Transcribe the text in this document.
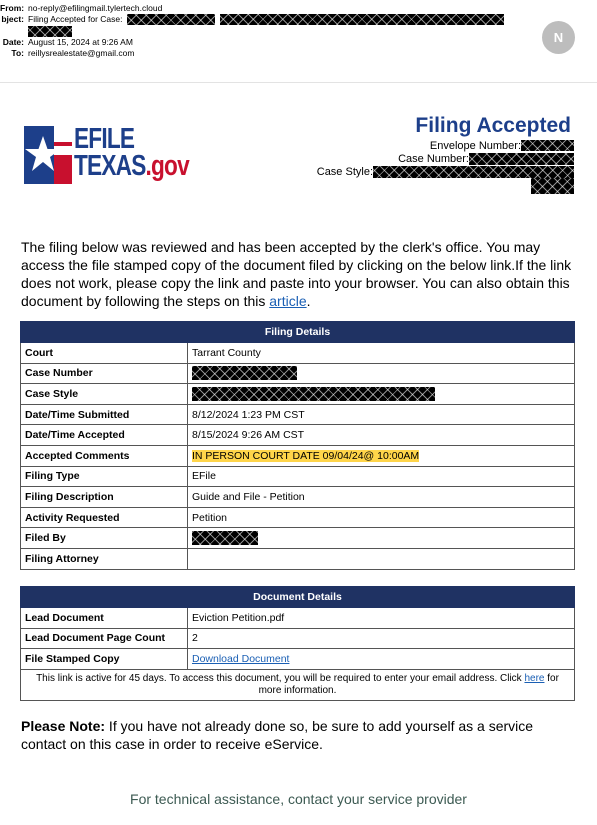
From: no-reply@efilingmail.tylertech.cloud
bject: Filing Accepted for Case:
Date: August 15, 2024 at 9:26 AM
To: reillysrealestate@gmail.com
N
EFILE
TEXAS.gov
Filing Accepted
Envelope Number:
Case Number:
Case Style:
The filing below was reviewed and has been accepted by the clerk's office. You may access the file stamped copy of the document filed by clicking on the below link.If the link does not work, please copy the link and paste into your browser. You can also obtain this document by following the steps on this article.
Filing Details	
Court	Tarrant County
Case Number	
Case Style	
Date/Time Submitted	8/12/2024 1:23 PM CST
Date/Time Accepted	8/15/2024 9:26 AM CST
Accepted Comments	IN PERSON COURT DATE 09/04/24@ 10:00AM
Filing Type	EFile
Filing Description	Guide and File - Petition
Activity Requested	Petition
Filed By	
Filing Attorney	
Document Details	
Lead Document	Eviction Petition.pdf
Lead Document Page Count	2
File Stamped Copy	Download Document
This link is active for 45 days. To access this document, you will be required to enter your email address. Click here for more information.	
Please Note: If you have not already done so, be sure to add yourself as a service contact on this case in order to receive eService.
For technical assistance, contact your service provider
